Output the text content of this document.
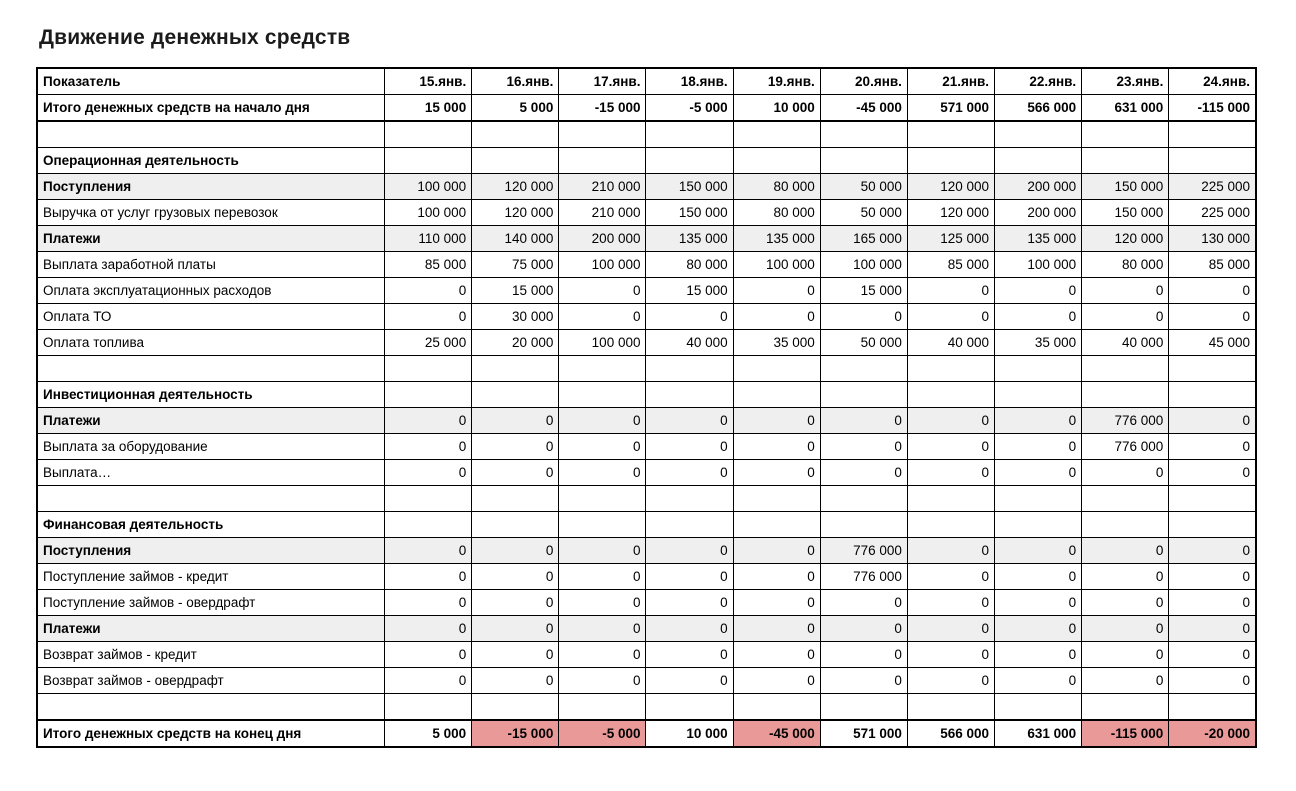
Движение денежных средств
Показатель	15.янв.	16.янв.	17.янв.	18.янв.	19.янв.	20.янв.	21.янв.	22.янв.	23.янв.	24.янв.
Итого денежных средств на начало дня	15 000	5 000	-15 000	-5 000	10 000	-45 000	571 000	566 000	631 000	-115 000

Операционная деятельность										
Поступления	100 000	120 000	210 000	150 000	80 000	50 000	120 000	200 000	150 000	225 000
Выручка от услуг грузовых перевозок	100 000	120 000	210 000	150 000	80 000	50 000	120 000	200 000	150 000	225 000
Платежи	110 000	140 000	200 000	135 000	135 000	165 000	125 000	135 000	120 000	130 000
Выплата заработной платы	85 000	75 000	100 000	80 000	100 000	100 000	85 000	100 000	80 000	85 000
Оплата эксплуатационных расходов	0	15 000	0	15 000	0	15 000	0	0	0	0
Оплата ТО	0	30 000	0	0	0	0	0	0	0	0
Оплата топлива	25 000	20 000	100 000	40 000	35 000	50 000	40 000	35 000	40 000	45 000

Инвестиционная деятельность										
Платежи	0	0	0	0	0	0	0	0	776 000	0
Выплата за оборудование	0	0	0	0	0	0	0	0	776 000	0
Выплата…	0	0	0	0	0	0	0	0	0	0

Финансовая деятельность										
Поступления	0	0	0	0	0	776 000	0	0	0	0
Поступление займов - кредит	0	0	0	0	0	776 000	0	0	0	0
Поступление займов - овердрафт	0	0	0	0	0	0	0	0	0	0
Платежи	0	0	0	0	0	0	0	0	0	0
Возврат займов - кредит	0	0	0	0	0	0	0	0	0	0
Возврат займов - овердрафт	0	0	0	0	0	0	0	0	0	0

Итого денежных средств на конец дня	5 000	-15 000	-5 000	10 000	-45 000	571 000	566 000	631 000	-115 000	-20 000
